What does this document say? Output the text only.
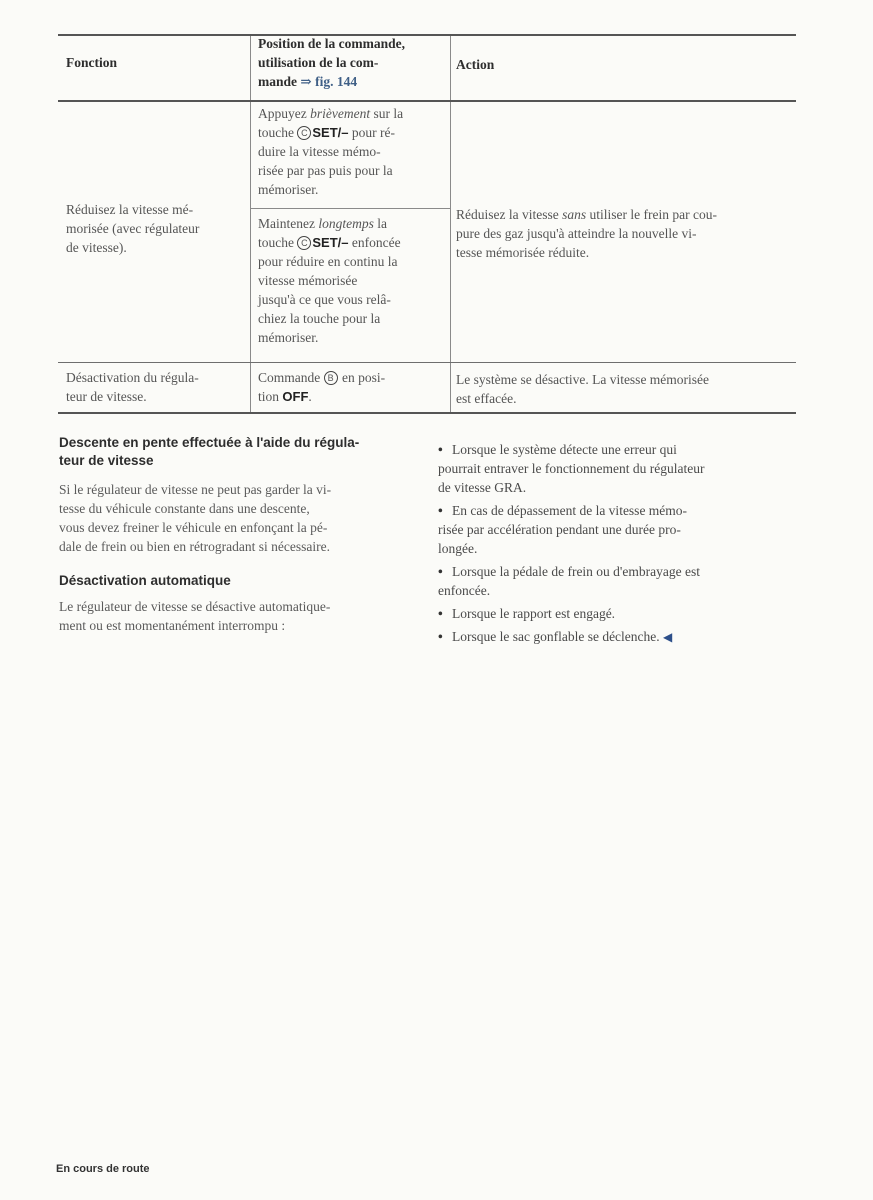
Fonction
Position de la commande,
utilisation de la com-
mande ⇒ fig. 144
Action
Réduisez la vitesse mé-
morisée (avec régulateur
de vitesse).
Appuyez brièvement sur la
touche C SET/– pour ré-
duire la vitesse mémo-
risée par pas puis pour la
mémoriser.
Maintenez longtemps la
touche C SET/– enfoncée
pour réduire en continu la
vitesse mémorisée
jusqu'à ce que vous relâ-
chiez la touche pour la
mémoriser.
Réduisez la vitesse sans utiliser le frein par cou-
pure des gaz jusqu'à atteindre la nouvelle vi-
tesse mémorisée réduite.
Désactivation du régula-
teur de vitesse.
Commande B en posi-
tion OFF.
Le système se désactive. La vitesse mémorisée
est effacée.
Descente en pente effectuée à l'aide du régula-
teur de vitesse
Si le régulateur de vitesse ne peut pas garder la vi-
tesse du véhicule constante dans une descente,
vous devez freiner le véhicule en enfonçant la pé-
dale de frein ou bien en rétrogradant si nécessaire.
Désactivation automatique
Le régulateur de vitesse se désactive automatique-
ment ou est momentanément interrompu :
• Lorsque le système détecte une erreur qui
pourrait entraver le fonctionnement du régulateur
de vitesse GRA.
• En cas de dépassement de la vitesse mémo-
risée par accélération pendant une durée pro-
longée.
• Lorsque la pédale de frein ou d'embrayage est
enfoncée.
• Lorsque le rapport est engagé.
• Lorsque le sac gonflable se déclenche. ◀
En cours de route
